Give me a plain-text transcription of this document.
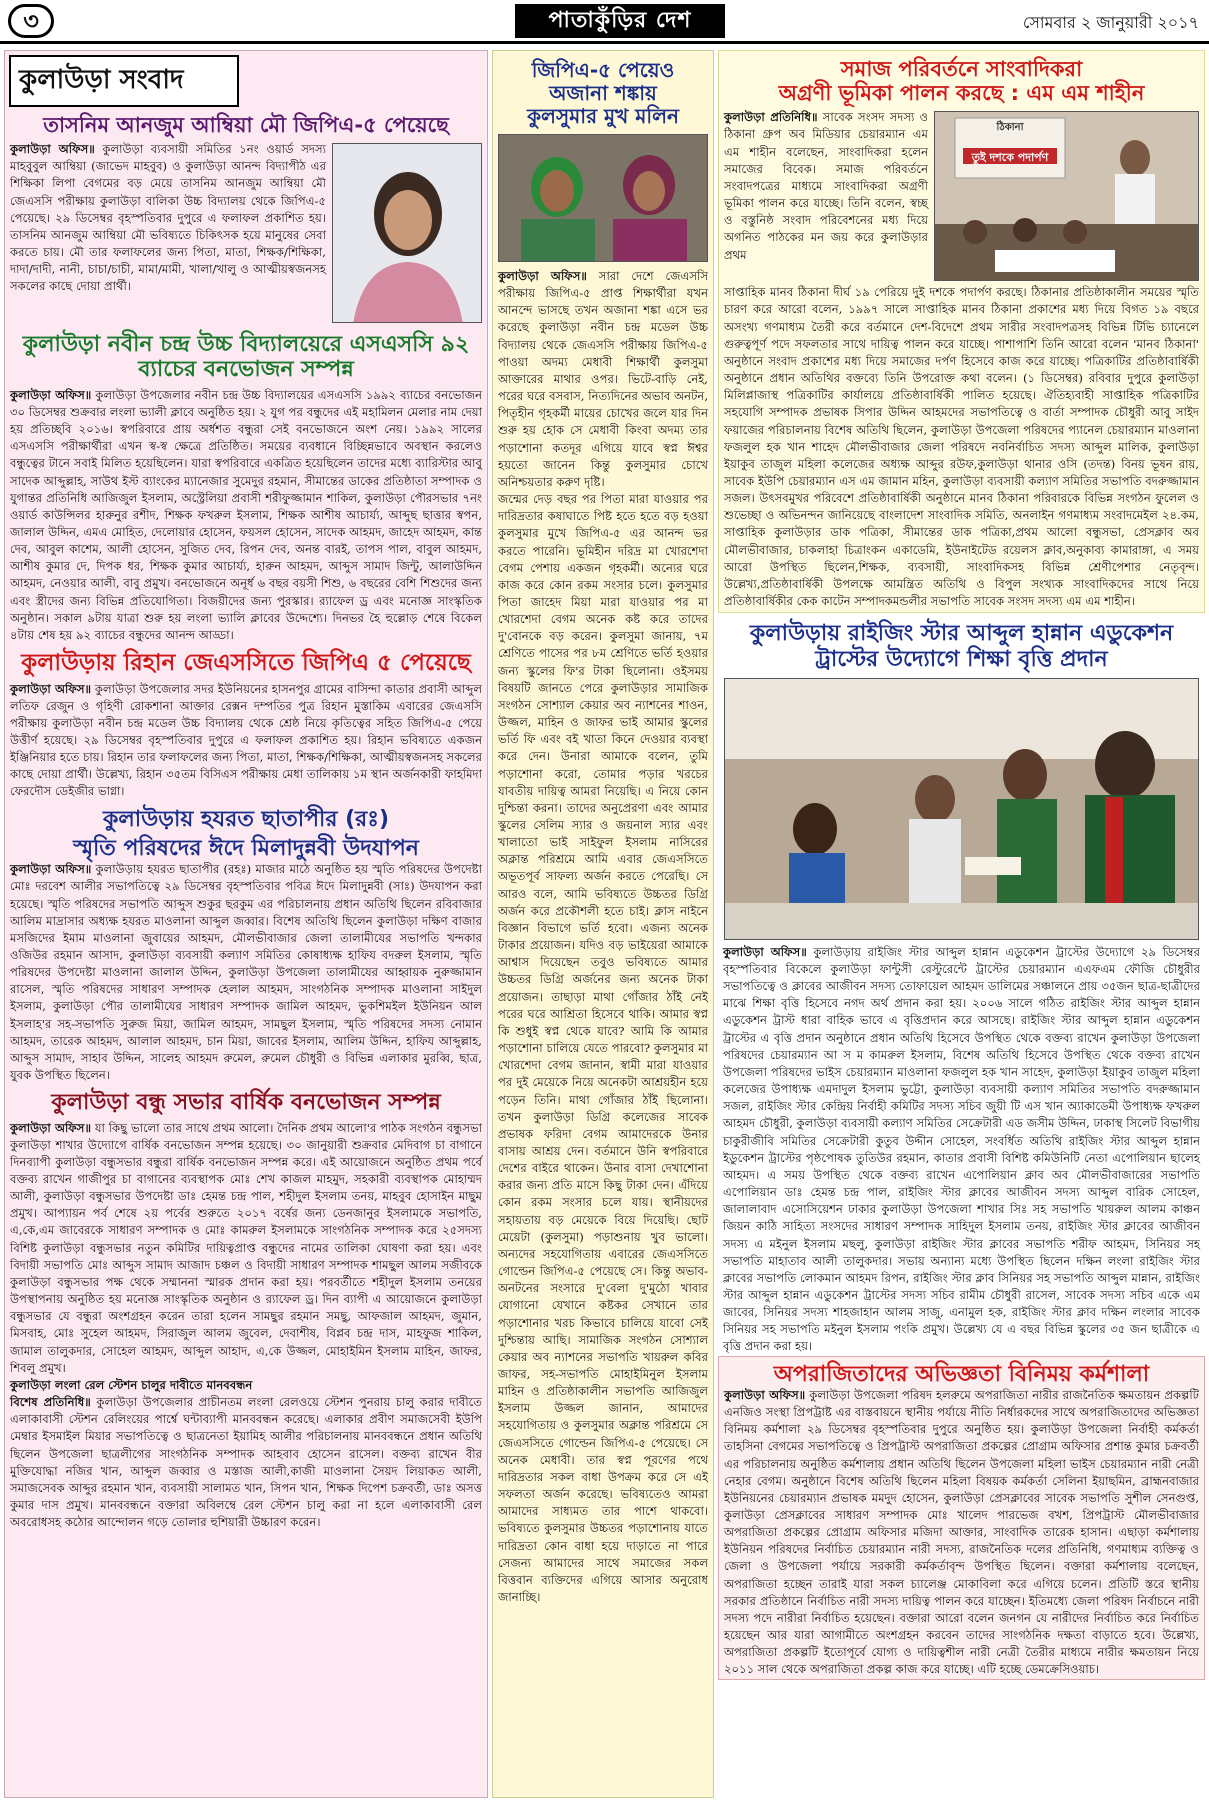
৩	পাতাকুঁড়ির দেশ	সোমবার ২ জানুয়ারী ২০১৭
কুলাউড়া সংবাদ
তাসনিম আনজুম আম্বিয়া মৌ জিপিএ-৫ পেয়েছে

কুলাউড়া অফিস॥ কুলাউড়া ব্যবসায়ী সমিতির ১নং ওয়ার্ড সদস্য মাহবুবুল আম্বিয়া (জাভেদ মাহবুব) ও কুলাউড়া আনন্দ বিদ্যাপীঠ এর শিক্ষিকা লিপা বেগমের বড় মেয়ে তাসনিম আনজুম আম্বিয়া মৌ জেএসসি পরীক্ষায় কুলাউড়া বালিকা উচ্চ বিদ্যালয় থেকে জিপিএ-৫ পেয়েছে। ২৯ ডিসেম্বর বৃহস্পতিবার দুপুরে এ ফলাফল প্রকাশিত হয়। তাসনিম আনজুম আম্বিয়া মৌ ভবিষ্যতে চিকিৎসক হয়ে মানুষের সেবা করতে চায়। মৌ তার ফলাফলের জন্য পিতা, মাতা, শিক্ষক/শিক্ষিকা, দাদা/দাদী, নানী, চাচা/চাচী, মামা/মামী, খালা/খালু ও আত্মীয়স্বজনসহ সকলের কাছে দোয়া প্রার্থী।

কুলাউড়া নবীন চন্দ্র উচ্চ বিদ্যালয়েরে এসএসসি ৯২ ব্যাচের বনভোজন সম্পন্ন

কুলাউড়া অফিস॥ কুলাউড়া উপজেলার নবীন চন্দ্র উচ্চ বিদ্যালয়ের এসএসসি ১৯৯২ ব্যাচের বনভোজন ৩০ ডিসেম্বর শুক্রবার লংলা ভ্যালী ক্লাবে অনুষ্ঠিত হয়। ২ যুগ পর বন্ধুদের এই মহামিলন মেলার নাম দেয়া হয় প্রতিচ্ছবি ২০১৬। স্বপরিবারে প্রায় অর্ধশত বন্ধুরা সেই বনভোজনে অংশ নেয়। ১৯৯২ সালের এসএসসি পরীক্ষার্থীরা এখন স্ব-স্ব ক্ষেত্রে প্রতিষ্ঠিত। সময়ের ব্যবধানে বিচ্ছিন্নভাবে অবস্থান করলেও বন্ধুত্বের টানে সবাই মিলিত হয়েছিলেন। যারা স্বপরিবারে একত্রিত হয়েছিলেন তাদের মধ্যে ব্যারিস্টার আবু সাদেক আব্দুল্লাহ, সাউথ ইস্ট ব্যাংকের ম্যানেজার সুমেদুর রহমান, সীমান্তের ডাকের প্রতিষ্ঠাতা সম্পাদক ও যুগান্তর প্রতিনিধি আজিজুল ইসলাম, অস্ট্রেলিয়া প্রবাসী শরীফুজ্জামান শাকিল, কুলাউড়া পৌরসভার ৭নং ওয়ার্ড কাউন্সিলর হারুনুর রশীদ, শিক্ষক ফখরুল ইসলাম, শিক্ষক আশীষ আচার্য্য, আব্দুছ ছাত্তার স্বপন, জালাল উদ্দিন, এমএ মোহিত, দেলোয়ার হোসেন, ফয়সল হোসেন, সাদেক আহমদ, জাহেদ আহমদ, কান্ত দেব, আবুল কাশেম, আলী হোসেন, সুজিত দেব, রিপন দেব, অনন্ত বারই, তাপস পাল, বাবুল আহমদ, আশীষ কুমার দে, দিপক ধর, শিক্ষক কুমার আচার্য্য, হারুন আহমদ, আব্দুস সামাদ জিন্টু, আলাউদ্দিন আহমদ, নেওয়ার আলী, বাবু প্রমুখ। বনভোজনে অনূর্ধ ৬ বছর বয়সী শিশু, ৬ বছরের বেশি শিশুদের জন্য এবং স্ত্রীদের জন্য বিভিন্ন প্রতিযোগিতা। বিজয়ীদের জন্য পুরস্কার। র‌্যাফেল ড্র এবং মনোজ্ঞ সাংস্কৃতিক অনুষ্ঠান। সকাল ৯টায় যাত্রা শুরু হয় লংলা ভ্যালি ক্লাবের উদ্দেশ্যে। দিনভর হৈ হুল্লোড় শেষে বিকেল ৪টায় শেষ হয় ৯২ ব্যাচের বন্ধুদের আনন্দ আড্ডা।

কুলাউড়ায় রিহান জেএসসিতে জিপিএ ৫ পেয়েছে

কুলাউড়া অফিস॥ কুলাউড়া উপজেলার সদর ইউনিয়নের হাসনপুর গ্রামের বাসিন্দা কাতার প্রবাসী আব্দুল লতিফ রেজুন ও গৃহিণী রোকশানা আক্তার রেক্সন দম্পতির পুত্র রিহান মুস্তাকিম এবারের জেএসসি পরীক্ষায় কুলাউড়া নবীন চন্দ্র মডেল উচ্চ বিদ্যালয় থেকে শ্রেষ্ঠ নিয়ে কৃতিত্বের সহিত জিপিএ-৫ পেয়ে উত্তীর্ণ হয়েছে। ২৯ ডিসেম্বর বৃহস্পতিবার দুপুরে এ ফলাফল প্রকাশিত হয়। রিহান ভবিষ্যতে একজন ইঞ্জিনিয়ার হতে চায়। রিহান তার ফলাফলের জন্য পিতা, মাতা, শিক্ষক/শিক্ষিকা, আত্মীয়স্বজনসহ সকলের কাছে দোয়া প্রার্থী। উল্লেখ্য, রিহান ৩৫তম বিসিএস পরীক্ষায় মেধা তালিকায় ১ম স্থান অর্জনকারী ফাহমিদা ফেরদৌস ডেইজীর ভাগ্না।

কুলাউড়ায় হযরত ছাতাপীর (রঃ)
স্মৃতি পরিষদের ঈদে মিলাদুন্নবী উদযাপন

কুলাউড়া অফিস॥ কুলাউড়ায় হযরত ছাতাপীর (রহঃ) মাজার মাঠে অনুষ্ঠিত হয় স্মৃতি পরিষদের উপদেষ্টা মোঃ দরবেশ আলীর সভাপতিত্বে ২৯ ডিসেম্বর বৃহস্পতিবার পবিত্র ঈদে মিলাদুন্নবী (সাঃ) উদযাপন করা হয়েছে। স্মৃতি পরিষদের সভাপতি আব্দুস শুকুর ছরকুম এর পরিচালনায় প্রধান অতিথি ছিলেন রবিবাজার আলিম মাদ্রাসার অধ্যক্ষ হযরত মাওলানা আব্দুল জব্বার। বিশেষ অতিথি ছিলেন কুলাউড়া দক্ষিণ বাজার মসজিদের ইমাম মাওলানা জুবায়ের আহমদ, মৌলভীবাজার জেলা তালামীযের সভাপতি খন্দকার ওজিউর রহমান আসাদ, কুলাউড়া ব্যবসায়ী কল্যাণ সমিতির কোষাধ্যক্ষ হাফিয বদরুল ইসলাম, স্মৃতি পরিষদের উপদেষ্টা মাওলানা জালাল উদ্দিন, কুলাউড়া উপজেলা তালামীযের আহ্বায়ক নুরুজ্জামান রাসেল, স্মৃতি পরিষদের সাধারণ সম্পাদক হেলাল আহমদ, সাংগঠনিক সম্পাদক মাওলানা সাইদুল ইসলাম, কুলাউড়া পৌর তালামীযের সাধারণ সম্পাদক জামিল আহমদ, ভুকশিমইল ইউনিয়ন আল ইসলাহ'র সহ-সভাপতি সুরুজ মিয়া, জামিল আহমদ, সামছুল ইসলাম, স্মৃতি পরিষদের সদস্য নোমান আহমদ, তারেক আহমদ, আলাল আহমদ, চান মিয়া, জাবের ইসলাম, আলিম উদ্দিন, হাফিয আব্দুল্লাহ, আব্দুস সামাদ, সাহাব উদ্দিন, সালেহ আহমদ রুমেল, রুমেল চৌধুরী ও বিভিন্ন এলাকার মুরব্বি, ছাত্র, যুবক উপস্থিত ছিলেন।

কুলাউড়া বন্ধু সভার বার্ষিক বনভোজন সম্পন্ন

কুলাউড়া অফিস॥ যা কিছু ভালো তার সাথে প্রথম আলো। দৈনিক প্রথম আলো'র পাঠক সংগঠন বন্ধুসভা কুলাউড়া শাখার উদ্যোগে বার্ষিক বনভোজন সম্পন্ন হয়েছে। ৩০ জানুয়ারী শুক্রবার মেদিবাগ চা বাগানে দিনব্যাপী কুলাউড়া বন্ধুসভার বন্ধুরা বার্ষিক বনভোজন সম্পন্ন করে। এই আয়োজনে অনুষ্ঠিত প্রথম পর্বে বক্তব্য রাখেন গাজীপুর চা বাগানের ব্যবস্থাপক মোঃ শেখ কাজল মাহমুদ, সহকারী ব্যবস্থাপক মোহাম্মদ আলী, কুলাউড়া বন্ধুসভার উপদেষ্টা ডাঃ হেমন্ত চন্দ্র পাল, শহীদুল ইসলাম তনয়, মাহবুব হোসাইন মাছুম প্রমুখ। আপ্যায়ন পর্ব শেষে ২য় পর্বের শুরুতে ২০১৭ বর্ষের জন্য ডেনজানুর ইসলামকে সভাপতি, এ,কে,এম জাবেরকে সাধারণ সম্পাদক ও মোঃ কামরুল ইসলামকে সাংগঠনিক সম্পাদক করে ২৫সদস্য বিশিষ্ট কুলাউড়া বন্ধুসভার নতুন কমিটির দায়িত্বপ্রাপ্ত বন্ধুদের নামের তালিকা ঘোষণা করা হয়। এবং বিদায়ী সভাপতি মোঃ আব্দুস সামাদ আজাদ চঞ্চল ও বিদায়ী সাধারণ সম্পাদক শামছুল আলম সজীবকে কুলাউড়া বন্ধুসভার পক্ষ থেকে সম্মাননা স্মারক প্রদান করা হয়। পরবর্তীতে শহীদুল ইসলাম তনয়ের উপস্থাপনায় অনুষ্ঠিত হয় মনোজ্ঞ সাংস্কৃতিক অনুষ্ঠান ও র‌্যাফেল ড্র। দিন ব্যাপী এ আয়োজনে কুলাউড়া বন্ধুসভার যে বন্ধুরা অংশগ্রহন করেন তারা হলেন সামছুর রহমান সমছু, আফজাল আহমদ, জুমান, মিসবাহ, মোঃ সুহেল আহমদ, সিরাজুল আলম জুবেল, দেবাশীষ, বিপ্লব চন্দ্র দাস, মাহফুজ শাকিল, জামাল তালুকদার, সোহেল আহমদ, আব্দুল আহাদ, এ,কে উজ্জল, মোহাইমিন ইসলাম মাহিন, জাফর, শিবলু প্রমুখ।

কুলাউড়া লংলা রেল স্টেশন চালুর দাবীতে মানববন্ধন

বিশেষ প্রতিনিধি॥ কুলাউড়া উপজেলার প্রাচীনতম লংলা রেলওয়ে স্টেশন পুনরায় চালু করার দাবীতে এলাকাবাসী স্টেশন রেলিংয়ের পার্শ্বে ঘন্টাব্যাপী মানববন্ধন করেছে। এলাকার প্রবীণ সমাজসেবী ইউপি মেম্বার ইসমাইল মিয়ার সভাপতিত্বে ও ছাত্রনেতা ইয়ামিহ আলীর পরিচালনায় মানববন্ধনে প্রধান অতিথি ছিলেন উপজেলা ছাত্রলীগের সাংগঠনিক সম্পাদক আহবাব হোসেন রাসেল। বক্তব্য রাখেন বীর মুক্তিযোদ্ধা নজির খান, আব্দুল জব্বার ও মস্তাজ আলী,কাজী মাওলানা সৈয়দ লিয়াকত আলী, সমাজসেবক আব্দুর রহমান খান, ব্যবসায়ী সালামত খান, সিপন খান, শিক্ষক দিপেশ চক্রবর্তী, ডাঃ অসত্ত কুমার দাস প্রমুখ। মানববন্ধনে বক্তারা অবিলম্বে রেল স্টেশন চালু করা না হলে এলাকাবাসী রেল অবরোধসহ কঠোর আন্দোলন গড়ে তোলার হুশিয়ারী উচ্চারণ করেন।

জিপিএ-৫ পেয়েও
অজানা শঙ্কায়
কুলসুমার মুখ মলিন

কুলাউড়া অফিস॥ সারা দেশে জেএসসি পরীক্ষায় জিপিএ-৫ প্রাপ্ত শিক্ষার্থীরা যখন আনন্দে ভাসছে তখন অজানা শঙ্কা এসে ভর করেছে কুলাউড়া নবীন চন্দ্র মডেল উচ্চ বিদ্যালয় থেকে জেএসসি পরীক্ষায় জিপিএ-৫ পাওয়া অদম্য মেধাবী শিক্ষার্থী কুলসুমা আক্তারের মাথার ওপর। ভিটে-বাড়ি নেই, পরের ঘরে বসবাস, নিত্যদিনের অভাব অনটন, পিতৃহীন গৃহকর্মী মায়ের চোখের জলে যার দিন শুরু হয় হোক সে মেধাবী কিংবা অদম্য তার পড়াশোনা কতদূর এগিয়ে যাবে স্বপ্ন ঈশ্বর হয়তো জানেন কিন্তু কুলসুমার চোখে অনিশ্চয়তার করুণ দৃষ্টি।

জন্মের দেড় বছর পর পিতা মারা যাওয়ার পর দারিদ্রতার কষাঘাতে পিষ্ট হতে হতে বড় হওয়া কুলসুমার মুখে জিপিএ-৫ এর আনন্দ ভর করতে পারেনি। ভূমিহীন দরিদ্র মা খোরশেদা বেগম পেশায় একজন গৃহকর্মী। অন্যের ঘরে কাজ করে কোন রকম সংসার চলে। কুলসুমার পিতা জাহেদ মিয়া মারা যাওয়ার পর মা খোরশেদা বেগম অনেক কষ্ট করে তাদের দু'বোনকে বড় করেন। কুলসুমা জানায়, ৭ম শ্রেণিতে পাসের পর ৮ম শ্রেণিতে ভর্তি হওয়ার জন্য স্কুলের ফি'র টাকা ছিলোনা। ওইসময় বিষয়টি জানতে পেরে কুলাউড়ার সামাজিক সংগঠন সোশ্যাল কেয়ার অব ন্যাশনের শাওন, উজ্জল, মাহিন ও জাফর ভাই আমার স্কুলের ভর্তি ফি এবং বই খাতা কিনে দেওয়ার ব্যবস্থা করে দেন। উনারা আমাকে বলেন, তুমি পড়াশোনা করো, তোমার পড়ার খরচের যাবতীয় দায়িত্ব আমরা নিয়েছি। এ নিয়ে কোন দুশ্চিন্তা করনা। তাদের অনুপ্রেরণা এবং আমার স্কুলের সেলিম স্যার ও জয়নাল স্যার এবং খালাতো ভাই সাইফুল ইসলাম নাসিরের অক্লান্ত পরিশ্রমে আমি এবার জেএসসিতে অভূতপূর্ব সাফল্য অর্জন করতে পেরেছি। সে আরও বলে, আমি ভবিষ্যতে উচ্চতর ডিগ্রি অর্জন করে প্রকৌশলী হতে চাই। ক্লাস নাইনে বিজ্ঞান বিভাগে ভর্তি হবো। এজন্য অনেক টাকার প্রয়োজন। যদিও বড় ভাইয়েরা আমাকে আশ্বাস দিয়েছেন তবুও ভবিষ্যতে আমার উচ্চতর ডিগ্রি অর্জনের জন্য অনেক টাকা প্রয়োজন। তাছাড়া মাথা গোঁজার ঠাঁই নেই পরের ঘরে আশ্রিতা হিসেবে থাকি। আমার স্বপ্ন কি শুধুই স্বপ্ন থেকে যাবে? আমি কি আমার পড়াশোনা চালিয়ে যেতে পারবো? কুলসুমার মা খোরশেদা বেগম জানান, স্বামী মারা যাওয়ার পর দুই মেয়েকে নিয়ে অনেকটা আশ্রয়হীন হয়ে পড়েন তিনি। মাথা গোঁজার ঠাঁই ছিলোনা। তখন কুলাউড়া ডিগ্রি কলেজের সাবেক প্রভাষক ফরিদা বেগম আমাদেরকে উনার বাসায় আশ্রয় দেন। বর্তমানে উনি স্বপরিবারে দেশের বাইরে থাকেন। উনার বাসা দেখাশোনা করার জন্য প্রতি মাসে কিছু টাকা দেন। এঁদিয়ে কোন রকম সংসার চলে যায়। স্থানীয়দের সহায়তায় বড় মেয়েকে বিয়ে দিয়েছি। ছোট মেয়েটা (কুলসুমা) পড়াশুনায় খুব ভালো। অন্যদের সহযোগিতায় এবারের জেএসসিতে গোল্ডেন জিপিএ-৫ পেয়েছে সে। কিন্তু অভাব-অনটনের সংসারে দু'বেলা দু'মুঠো খাবার যোগানো যেখানে কষ্টকর সেখানে তার পড়াশোনার খরচ কিভাবে চালিয়ে যাবো সেই দুশ্চিন্তায় আছি। সামাজিক সংগঠন সোশ্যাল কেয়ার অব ন্যাশনের সভাপতি খায়রুল কবির জাফর, সহ-সভাপতি মোহাইমিনুল ইসলাম মাহিন ও প্রতিষ্ঠাকালীন সভাপতি আজিজুল ইসলাম উজ্জল জানান, আমাদের সহযোগিতায় ও কুলসুমার অক্লান্ত পরিশ্রমে সে জেএসসিতে গোল্ডেন জিপিএ-৫ পেয়েছে। সে অনেক মেধাবী। তার স্বপ্ন পূরণের পথে দারিদ্রতার সকল বাধা উপক্রম করে সে এই সফলতা অর্জন করেছে। ভবিষ্যতেও আমরা আমাদের সাধ্যমত তার পাশে থাকবো। ভবিষ্যতে কুলসুমার উচ্চতর পড়াশোনায় যাতে দারিদ্রতা কোন বাধা হয়ে দাড়াতে না পারে সেজন্য আমাদের সাথে সমাজের সকল বিত্তবান ব্যক্তিদের এগিয়ে আসার অনুরোধ জানাচ্ছি।

সমাজ পরিবর্তনে সাংবাদিকরা
অগ্রণী ভূমিকা পালন করছে : এম এম শাহীন
ঠিকানা
তুই দশকে পদার্পণ

কুলাউড়া প্রতিনিধি॥ সাবেক সংসদ সদস্য ও ঠিকানা গ্রুপ অব মিডিয়ার চেয়ারম্যান এম এম শাহীন বলেছেন, সাংবাদিকরা হলেন সমাজের বিবেক। সমাজ পরিবর্তনে সংবাদপত্রের মাধ্যমে সাংবাদিকরা অগ্রণী ভূমিকা পালন করে যাচ্ছে। তিনি বলেন, স্বচ্ছ ও বস্তুনিষ্ঠ সংবাদ পরিবেশনের মধ্য দিয়ে অগনিত পাঠকের মন জয় করে কুলাউড়ার প্রথম

সাপ্তাহিক মানব ঠিকানা দীর্ঘ ১৯ পেরিয়ে দুই দশকে পদার্পণ করছে। ঠিকানার প্রতিষ্ঠাকালীন সময়ের স্মৃতি চারণ করে আরো বলেন, ১৯৯৭ সালে সাপ্তাহিক মানব ঠিকানা প্রকাশের মধ্য দিয়ে বিগত ১৯ বছরে অসংখ্য গণমাধ্যম তৈরী করে বর্তমানে দেশ-বিদেশে প্রথম সারীর সংবাদপত্রসহ বিভিন্ন টিভি চ্যানেলে গুরুত্বপূর্ণ পদে সফলতার সাথে দায়িত্ব পালন করে যাচ্ছে। পাশাপাশি তিনি আরো বলেন 'মানব ঠিকানা' অনুষ্ঠানে সংবাদ প্রকাশের মধ্য দিয়ে সমাজের দর্পণ হিসেবে কাজ করে যাচ্ছে। পত্রিকাটির প্রতিষ্ঠাবার্ষিকী অনুষ্ঠানে প্রধান অতিথির বক্তব্যে তিনি উপরোক্ত কথা বলেন। (১ ডিসেম্বর) রবিবার দুপুরে কুলাউড়া মিলিপ্লাজাস্থ পত্রিকাটির কার্যালয়ে প্রতিষ্ঠাবার্ষিকী পালিত হয়েছে। ঐতিহ্যবাহী সাপ্তাহিক পত্রিকাটির সহযোগি সম্পাদক প্রভাষক সিপার উদ্দিন আহমদের সভাপতিত্বে ও বার্তা সম্পাদক চৌধুরী আবু সাইদ ফয়াজের পরিচালনায় বিশেষ অতিথি ছিলেন, কুলাউড়া উপজেলা পরিষদের প্যানেল চেয়ারম্যান মাওলানা ফজলুল হক খান শাহেদ মৌলভীবাজার জেলা পরিষদে নবনির্বাচিত সদস্য আব্দুল মালিক, কুলাউড়া ইয়াকুব তাজুল মহিলা কলেজের অধ্যক্ষ আব্দুর রউফ,কুলাউড়া থানার ওসি (তদন্ত) বিনয় ভূষন রায়, সাবেক ইউপি চেয়ারম্যান এস এম জামান মহিন, কুলাউড়া ব্যবসায়ী কল্যাণ সমিতির সভাপতি বদরুজ্জামান সজল। উৎসবমুখর পরিবেশে প্রতিষ্ঠাবার্ষিকী অনুষ্ঠানে মানব ঠিকানা পরিবারকে বিভিন্ন সংগঠন ফুলেল ও শুভেচ্ছা ও অভিনন্দন জানিয়েছে বাংলাদেশ সাংবাদিক সমিতি, অনলাইন গণমাধ্যম সংবাদমেইল ২৪.কম, সাপ্তাহিক কুলাউড়ার ডাক পত্রিকা, সীমান্তের ডাক পত্রিকা,প্রথম আলো বন্ধুসভা, প্রেসক্লাব অব মৌলভীবাজার, চাকলাহা চিত্রাংকন একাডেমি, ইউনাইটেড রয়েলস ক্লাব,অনুকাব্য কামারাঙ্গা, এ সময় আরো উপস্থিত ছিলেন,শিক্ষক, ব্যবসায়ী, সাংবাদিকসহ বিভিন্ন শ্রেণীপেশার নেতৃবৃন্দ। উল্লেখ্য,প্রতিষ্ঠাবার্ষিকী উপলক্ষে আমন্ত্রিত অতিথি ও বিপুল সংখ্যক সাংবাদিকদের সাথে নিয়ে প্রতিষ্ঠাবার্ষিকীর কেক কাটেন সম্পাদকমন্ডলীর সভাপতি সাবেক সংসদ সদস্য এম এম শাহীন।

কুলাউড়ায় রাইজিং স্টার আব্দুল হান্নান এডুকেশন
ট্রাস্টের উদ্যোগে শিক্ষা বৃত্তি প্রদান

কুলাউড়া অফিস॥ কুলাউড়ায় রাইজিং স্টার আব্দুল হান্নান এডুকেশন ট্রাস্টের উদ্যোগে ২৯ ডিসেম্বর বৃহস্পতিবার বিকেলে কুলাউড়া ফান্টুসী রেস্টুরেন্টে ট্রাস্টের চেয়ারম্যান এএফএম ফৌজি চৌধুরীর সভাপতিত্বে ও ক্লাবের আজীবন সদস্য তোফায়েল আহমদ ডালিমের সঞ্চালনে প্রায় ৩৫জন ছাত্র-ছাত্রীদের মাঝে শিক্ষা বৃত্তি হিসেবে নগদ অর্থ প্রদান করা হয়। ২০০৬ সালে গঠিত রাইজিং স্টার আব্দুল হান্নান এডুকেশন ট্রাস্ট ধারা বাহিক ভাবে এ বৃত্তিপ্রদান করে আসছে। রাইজিং স্টার আব্দুল হান্নান এডুকেশন ট্রাস্টের এ বৃত্তি প্রদান অনুষ্ঠানে প্রধান অতিথি হিসেবে উপস্থিত থেকে বক্তব্য রাখেন কুলাউড়া উপজেলা পরিষদের চেয়ারম্যান আ স ম কামরুল ইসলাম, বিশেষ অতিথি হিসেবে উপস্থিত থেকে বক্তব্য রাখেন উপজেলা পরিষদের ভাইস চেয়ারম্যান মাওলানা ফজলুল হক খান সাহেদ, কুলাউড়া ইয়াকুব তাজুল মহিলা কলেজের উপাধ্যক্ষ এমদাদুল ইসলাম ভুট্টো, কুলাউড়া ব্যবসায়ী কল্যাণ সমিতির সভাপতি বদরুজ্জামান সজল, রাইজিং স্টার কেন্দ্রিয় নির্বাহী কমিটির সদস্য সচিব জুয়ী টি এস খান অ্যাকাডেমী উপাধ্যক্ষ ফখরুল আহমদ চৌধুরী, কুলাউড়া ব্যবসায়ী কল্যাণ সমিতির সেক্রেটারী এড জসীম উদ্দিন, ঢাকাস্থ সিলেট বিভাগীয় চাকুরীজীবি সমিতির সেক্রেটারী কুতুব উদ্দীন সোহেল, সংবর্ধিত অতিথি রাইজিং স্টার আব্দুল হান্নান ইডুকেশন ট্রাস্টের পৃষ্ঠপোষক তুতিউর রহমান, কাতার প্রবাসী বিশিষ্ট কমিউনিটি নেতা এপোলিয়ান ছালেহ আহমদ। এ সময় উপস্থিত থেকে বক্তব্য রাখেন এপোলিয়ান ক্লাব অব মৌলভীবাজারের সভাপতি এপোলিয়ান ডাঃ হেমন্ত চন্দ্র পাল, রাইজিং স্টার ক্লাবের আজীবন সদস্য আব্দুল বারিক সোহেল, জালালাবাদ এসোসিয়েশন ঢাকার কুলাউড়া উপজেলা শাখার সিঃ সহ সভাপতি খায়রুল আলম কাঞ্চন জিয়ন কাঠি সাহিত্য সংসদের সাধারণ সম্পাদক সাহিদুল ইসলাম তনয়, রাইজিং স্টার ক্লাবের আজীবন সদস্য এ মইনুল ইসলাম মছলু, কুলাউড়া রাইজিং স্টার ক্লাবের সভাপতি শরীফ আহমদ, সিনিয়র সহ সভাপতি মাহাতাব আলী তালুকদার। সভায় অন্যান্য মধ্যে উপস্থিত ছিলেন দক্ষিন লংলা রাইজিং স্টার ক্লাবের সভাপতি লোকমান আহমদ রিপন, রাইজিং স্টার ক্লাব সিনিয়র সহ সভাপতি আব্দুল মান্নান, রাইজিং স্টার আব্দুল হান্নান এডুকেশন ট্রাস্টের সদস্য সচিব রামীম চৌধুরী রাসেল, সাবেক সদস্য সচিব একে এম জাবের, সিনিয়র সদস্য শাহজাহান আলম সাজু, এনামুল হক, রাইজিং স্টার ক্লাব দক্ষিন লংলার সাবেক সিনিয়র সহ সভাপতি মইনুল ইসলাম পংকি প্রমুখ। উল্লেখ্য যে এ বছর বিভিন্ন স্কুলের ৩৫ জন ছাত্রীকে এ বৃত্তি প্রদান করা হয়।

অপরাজিতাদের অভিজ্ঞতা বিনিময় কর্মশালা

কুলাউড়া অফিস॥ কুলাউড়া উপজেলা পরিষদ হলরুমে অপরাজিতা নারীর রাজনৈতিক ক্ষমতায়ন প্রকল্পটি এনজিও সংস্থা প্রিপট্রাষ্ট এর বাস্তবায়নে স্থানীয় পর্যায়ে নীতি নির্ধারকদের সাথে অপরাজিতাদের অভিজ্ঞতা বিনিময় কর্মশালা ২৯ ডিসেম্বর বৃহস্পতিবার দুপুরে অনুষ্ঠিত হয়। কুলাউড়া উপজেলা নির্বাহী কর্মকর্তা তাহসিনা বেগমের সভাপতিত্বে ও প্রিপট্রাস্ট অপরাজিতা প্রকল্পের প্রোগ্রাম অফিসার প্রশান্ত কুমার চক্রবর্তী এর পরিচালনায় অনুষ্ঠিত কর্মশালায় প্রধান অতিথি ছিলেন উপজেলা মহিলা ভাইস চেয়ারম্যান নারী নেত্রী নেহার বেগম। অনুষ্ঠানে বিশেষ অতিথি ছিলেন মহিলা বিষয়ক কর্মকর্তা সেলিনা ইয়াছমিন, ব্রাহ্মনবাজার ইউনিয়নের চেয়ারম্যান প্রভাষক মমদুদ হোসেন, কুলাউড়া প্রেসক্লাবের সাবেক সভাপতি সুশীল সেনগুপ্ত, কুলাউড়া প্রেসক্লাবের সাধারণ সম্পাদক মোঃ খালেদ পারভেজ বখশ, প্রিপট্রাস্ট মৌলভীবাজার অপরাজিতা প্রকল্পের প্রোগ্রাম অফিসার মজিদা আক্তার, সাংবাদিক তারেক হাসান। এছাড়া কর্মশালায় ইউনিয়ন পরিষদের নির্বাচিত চেয়ারম্যান নারী সদস্য, রাজনৈতিক দলের প্রতিনিধি, গণমাধ্যম ব্যক্তিত্ব ও জেলা ও উপজেলা পর্যায়ে সরকারী কর্মকর্তাবৃন্দ উপস্থিত ছিলেন। বক্তারা কর্মশালায় বলেছেন, অপরাজিতা হচ্ছেন তারাই যারা সকল চ্যালেঞ্জ মোকাবিলা করে এগিয়ে চলেন। প্রতিটি স্তরে স্থানীয় সরকার প্রতিষ্ঠানে নির্বাচিত নারী সদস্য দায়িত্ব পালন করে যাচ্ছেন। ইতিমধ্যে জেলা পরিষদ নির্বাচনে নারী সদস্য পদে নারীরা নির্বাচিত হয়েছেন। বক্তারা আরো বলেন জনগন যে নারীদের নির্বাচিত করে নির্বাচিত হয়েছেন আর যারা আগামীতে অংশগ্রহন করবেন তাদের সাংগঠনিক দক্ষতা বাড়াতে হবে। উল্লেখ্য, অপরাজিতা প্রকল্পটি ইতোপূর্বে যোগ্য ও দায়িত্বশীল নারী নেত্রী তৈরীর মাধ্যমে নারীর ক্ষমতায়ন নিয়ে ২০১১ সাল থেকে অপরাজিতা প্রকল্প কাজ করে যাচ্ছে। এটি হচ্ছে ডেমক্রেসিওয়াচ।
